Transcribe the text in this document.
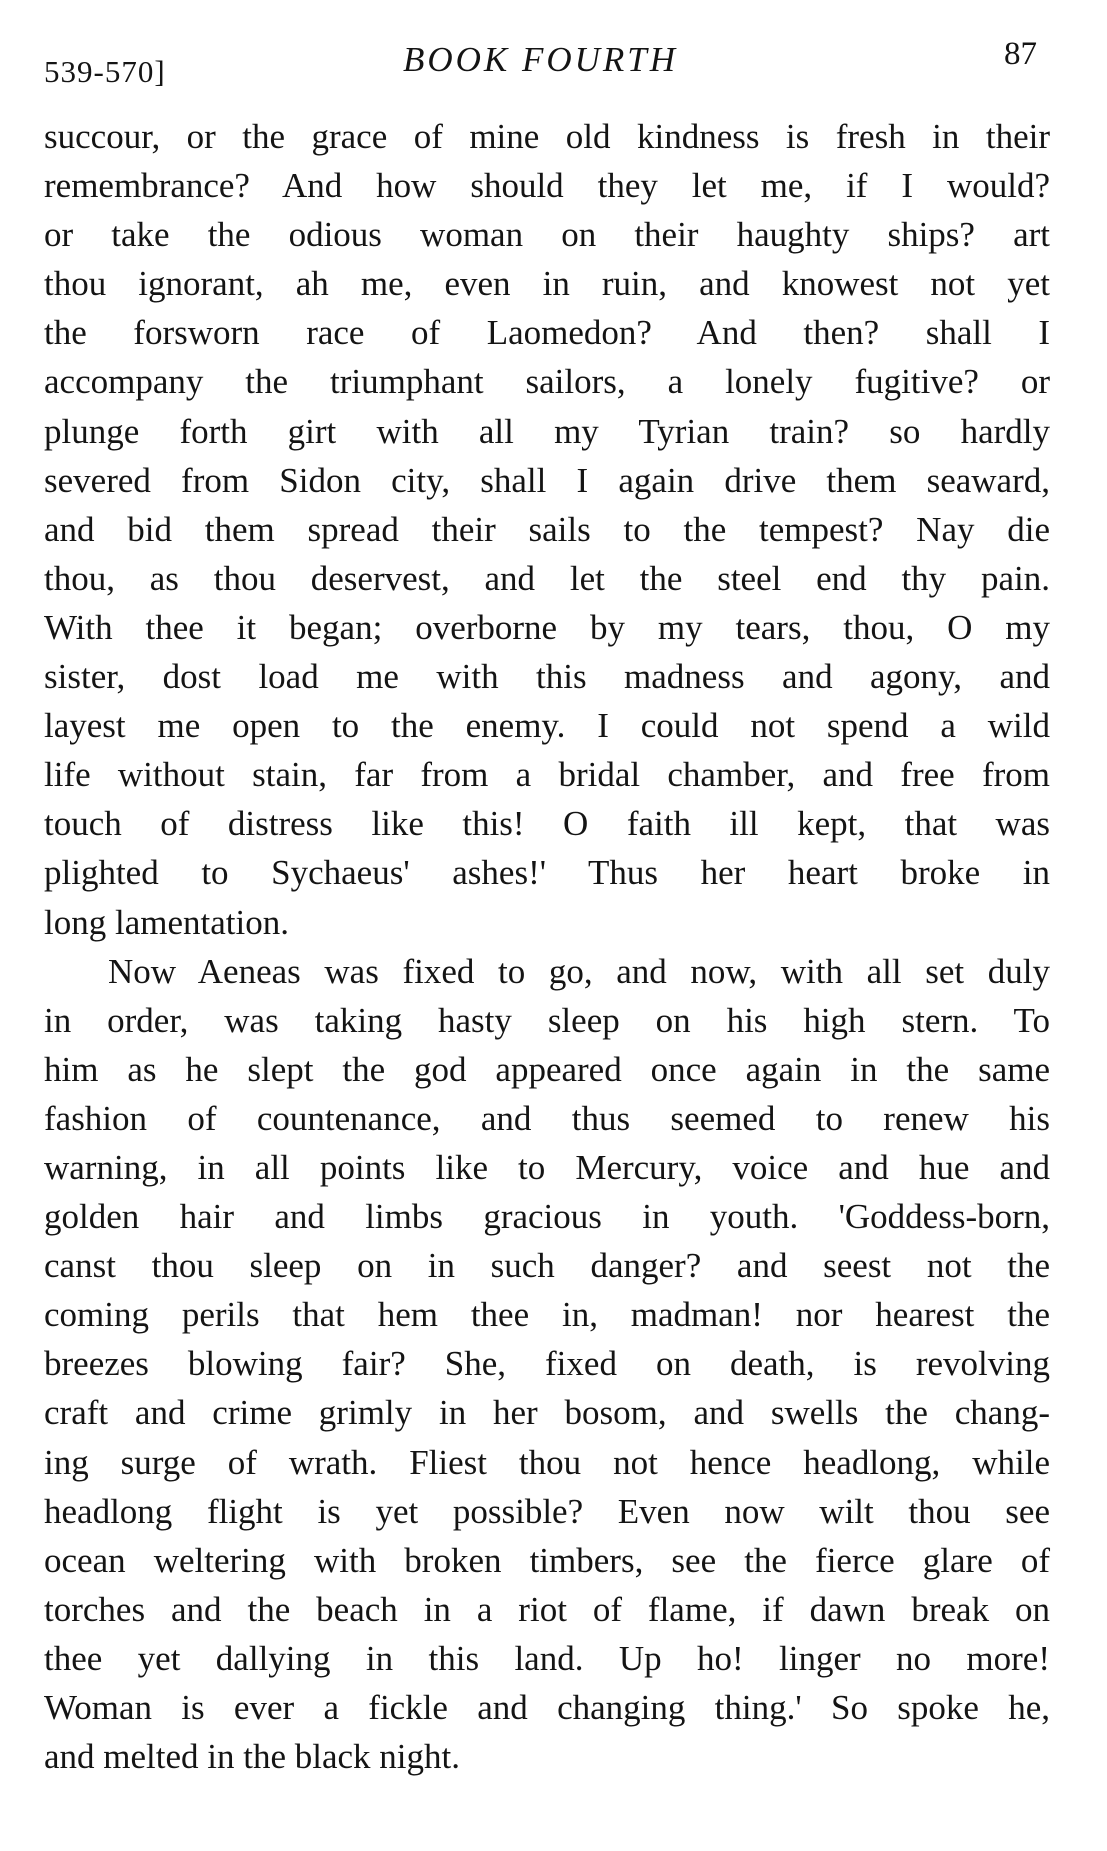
539-570]	BOOK FOURTH	87
succour, or the grace of mine old kindness is fresh in their
remembrance? And how should they let me, if I would?
or take the odious woman on their haughty ships? art
thou ignorant, ah me, even in ruin, and knowest not yet
the forsworn race of Laomedon? And then? shall I
accompany the triumphant sailors, a lonely fugitive? or
plunge forth girt with all my Tyrian train? so hardly
severed from Sidon city, shall I again drive them seaward,
and bid them spread their sails to the tempest? Nay die
thou, as thou deservest, and let the steel end thy pain.
With thee it began; overborne by my tears, thou, O my
sister, dost load me with this madness and agony, and
layest me open to the enemy. I could not spend a wild
life without stain, far from a bridal chamber, and free from
touch of distress like this! O faith ill kept, that was
plighted to Sychaeus' ashes!' Thus her heart broke in
long lamentation.
Now Aeneas was fixed to go, and now, with all set duly
in order, was taking hasty sleep on his high stern. To
him as he slept the god appeared once again in the same
fashion of countenance, and thus seemed to renew his
warning, in all points like to Mercury, voice and hue and
golden hair and limbs gracious in youth. 'Goddess-born,
canst thou sleep on in such danger? and seest not the
coming perils that hem thee in, madman! nor hearest the
breezes blowing fair? She, fixed on death, is revolving
craft and crime grimly in her bosom, and swells the chang-
ing surge of wrath. Fliest thou not hence headlong, while
headlong flight is yet possible? Even now wilt thou see
ocean weltering with broken timbers, see the fierce glare of
torches and the beach in a riot of flame, if dawn break on
thee yet dallying in this land. Up ho! linger no more!
Woman is ever a fickle and changing thing.' So spoke he,
and melted in the black night.
